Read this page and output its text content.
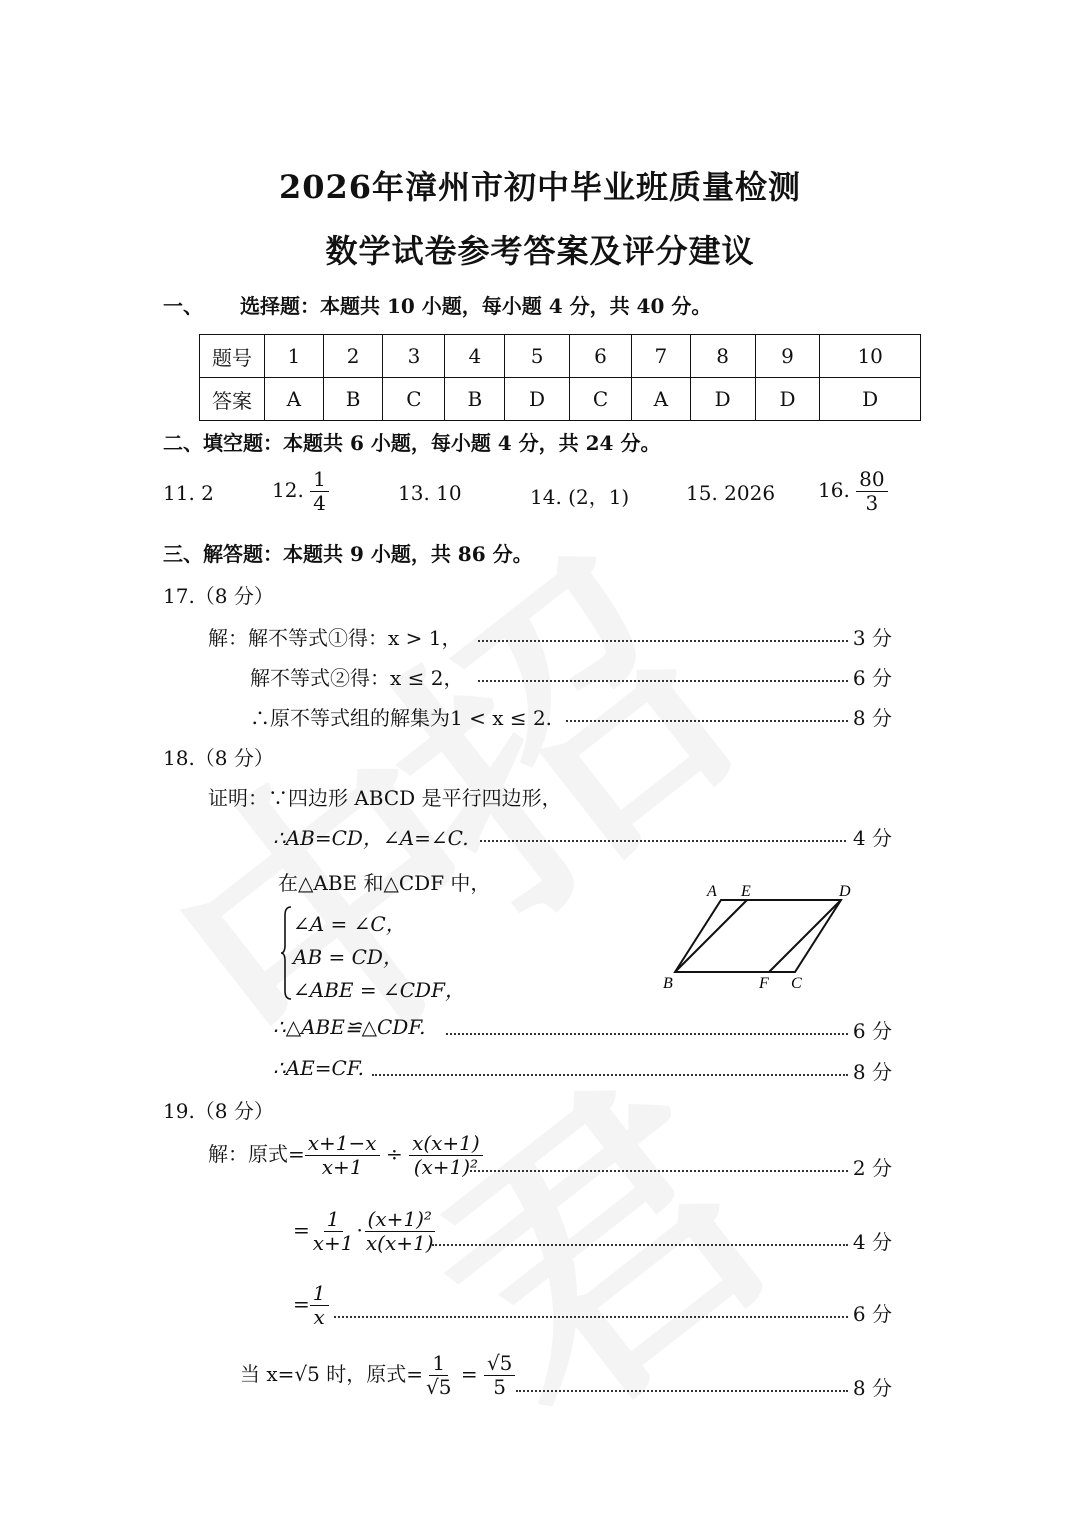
2026年漳州市初中毕业班质量检测
数学试卷参考答案及评分建议
一、 选择题：本题共 10 小题，每小题 4 分，共 40 分。
题号	1	2	3	4	5	6	7	8	9	10
答案	A	B	C	B	D	C	A	D	D	D
二、填空题：本题共 6 小题，每小题 4 分，共 24 分。
11. 2	12. $\frac{1}{4}$	13. 10	14. (2，1)	15. 2026 16. $\frac{80}{3}$
三、解答题：本题共 9 小题，共 86 分。
17.（8 分）
解：解不等式①得：x > 1，	3 分
解不等式②得：x ≤ 2，	6 分
∴原不等式组的解集为1 < x ≤ 2.	8 分
18.（8 分）
证明：∵四边形 ABCD 是平行四边形，
∴AB=CD，∠A=∠C.	4 分
在△ABE 和△CDF 中，
∠A = ∠C，
AB = CD，
∠ABE = ∠CDF，
A E	D
B	F C
∴△ABE≌△CDF.	6 分
∴AE=CF.	8 分
19.（8 分）
解：原式= $\frac{x+1-x}{x+1} \div \frac{x(x+1)}{\text{(x+1)²}}$	2 分
= $\frac{1}{x+1} \cdot \frac{\text{(x+1)²}}{x(x+1)}$	4 分
= $\frac{1}{x}$	6 分
当 x=√5 时，原式= $\frac{1}{√5} = \frac{√5}{5}$	8 分
